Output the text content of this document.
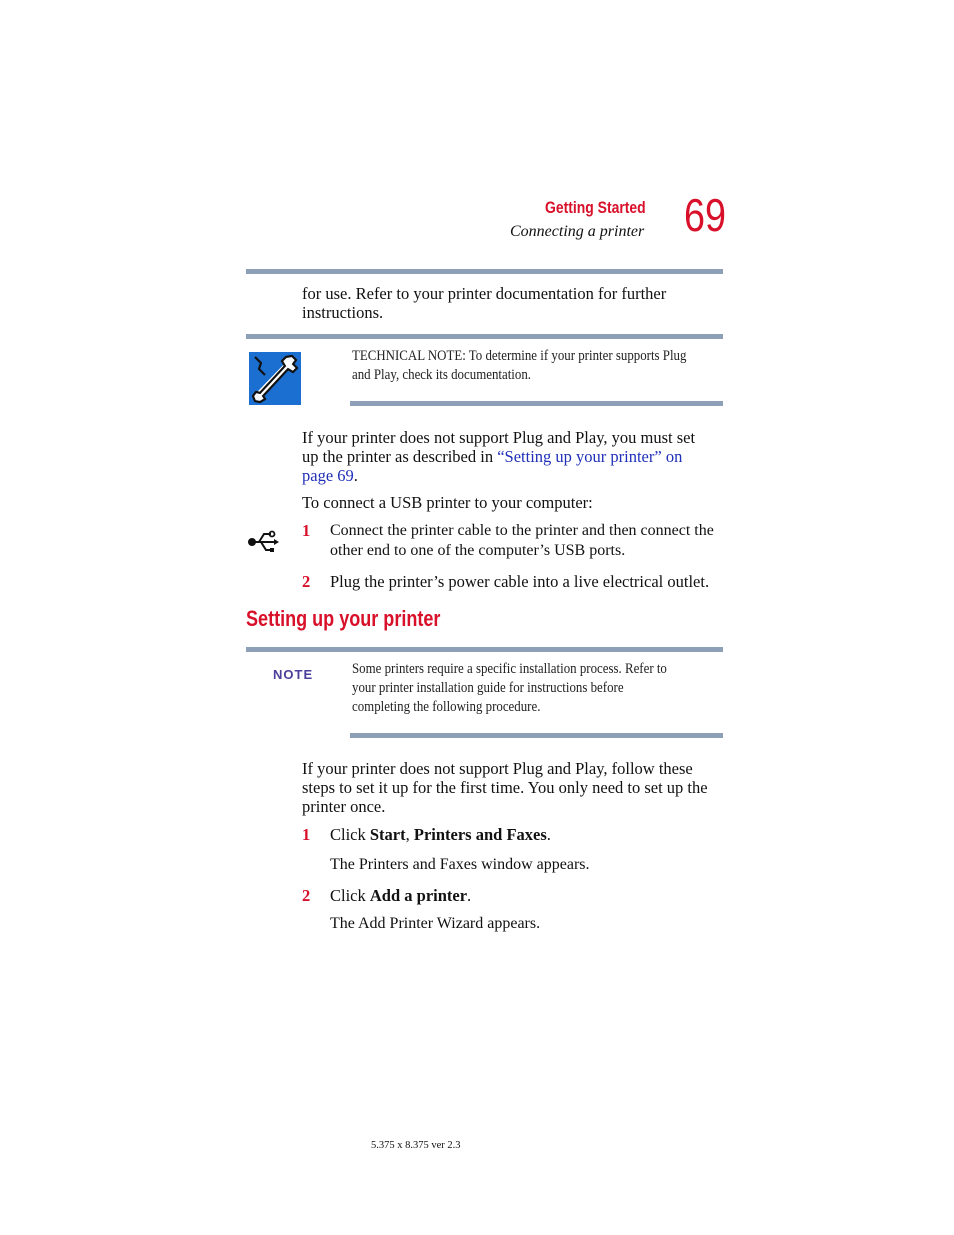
Getting Started
Connecting a printer 69
for use. Refer to your printer documentation for further
instructions.
TECHNICAL NOTE: To determine if your printer supports Plug
and Play, check its documentation.
If your printer does not support Plug and Play, you must set
up the printer as described in “Setting up your printer” on
page 69.
To connect a USB printer to your computer:
1 Connect the printer cable to the printer and then connect the
other end to one of the computer’s USB ports.
2 Plug the printer’s power cable into a live electrical outlet.
Setting up your printer
NOTE	Some printers require a specific installation process. Refer to
your printer installation guide for instructions before
completing the following procedure.
If your printer does not support Plug and Play, follow these
steps to set it up for the first time. You only need to set up the
printer once.
1 Click Start, Printers and Faxes.
The Printers and Faxes window appears.
2 Click Add a printer.
The Add Printer Wizard appears.
5.375 x 8.375 ver 2.3
